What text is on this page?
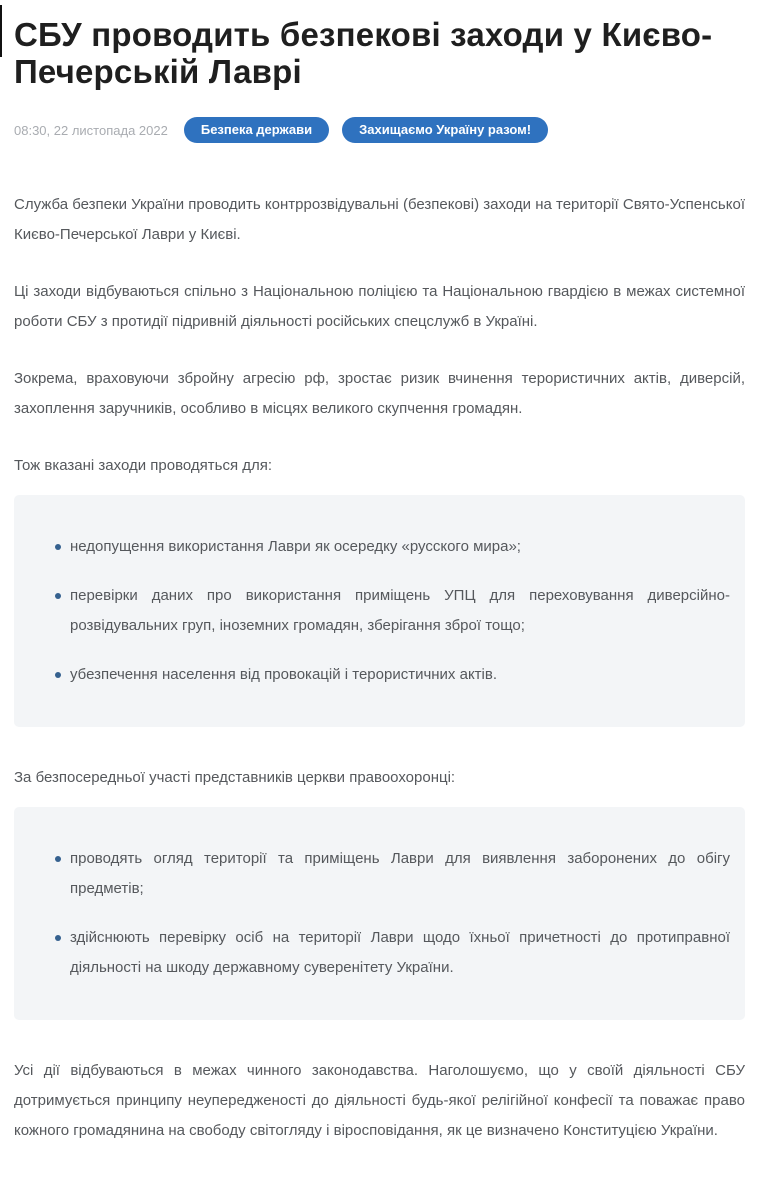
СБУ проводить безпекові заходи у Києво-Печерській Лаврі
08:30, 22 листопада 2022	Безпека держави	Захищаємо Україну разом!

Служба безпеки України проводить контррозвідувальні (безпекові) заходи на території Свято-Успенської Києво-Печерської Лаври у Києві.

Ці заходи відбуваються спільно з Національною поліцією та Національною гвардією в межах системної роботи СБУ з протидії підривній діяльності російських спецслужб в Україні.

Зокрема, враховуючи збройну агресію рф, зростає ризик вчинення терористичних актів, диверсій, захоплення заручників, особливо в місцях великого скупчення громадян.

Тож вказані заходи проводяться для:

недопущення використання Лаври як осередку «русского мира»;
перевірки даних про використання приміщень УПЦ для переховування диверсійно-розвідувальних груп, іноземних громадян, зберігання зброї тощо;
убезпечення населення від провокацій і терористичних актів.

За безпосередньої участі представників церкви правоохоронці:

проводять огляд території та приміщень Лаври для виявлення заборонених до обігу предметів;
здійснюють перевірку осіб на території Лаври щодо їхньої причетності до протиправної діяльності на шкоду державному суверенітету України.

Усі дії відбуваються в межах чинного законодавства. Наголошуємо, що у своїй діяльності СБУ дотримується принципу неупередженості до діяльності будь-якої релігійної конфесії та поважає право кожного громадянина на свободу світогляду і віросповідання, як це визначено Конституцією України.
